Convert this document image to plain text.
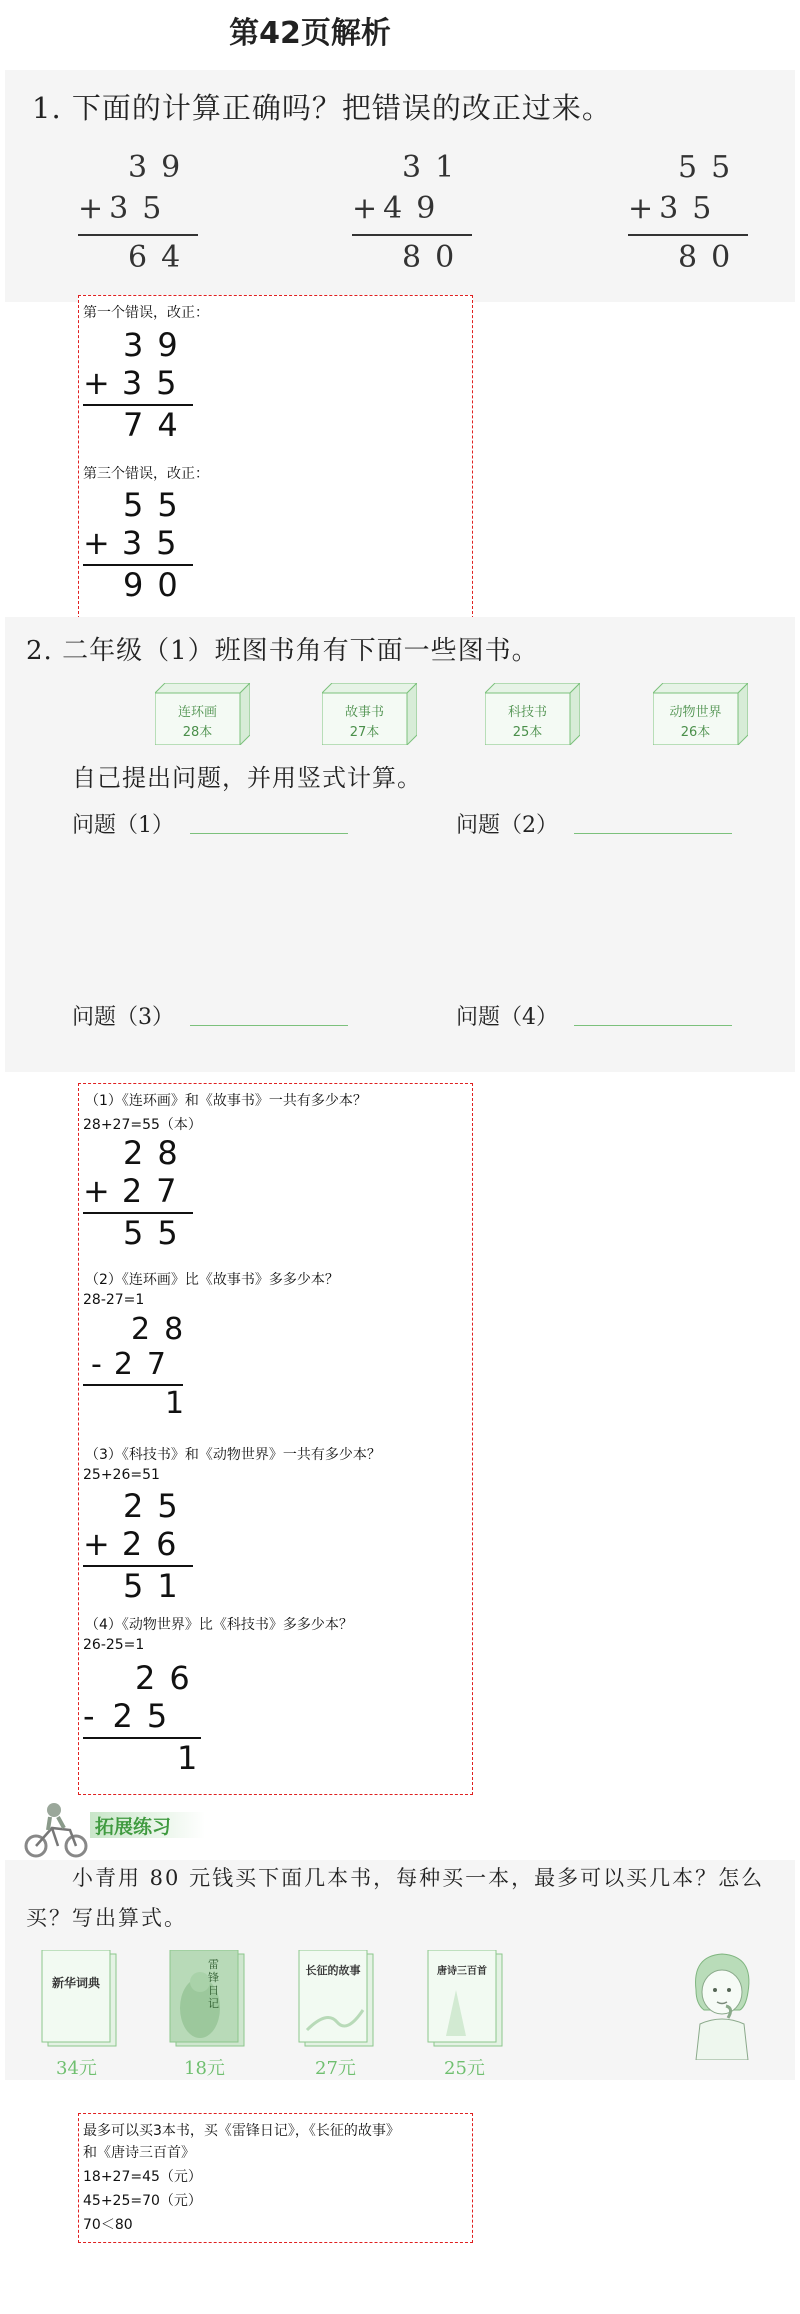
第42页解析
1. 下面的计算正确吗？把错误的改正过来。
39
+35
64
31
+49
80
55
+35
80
第一个错误，改正：
39
+35
74
第三个错误，改正：
55
+35
90
2. 二年级（1）班图书角有下面一些图书。
连环画
28本
故事书
27本
科技书
25本
动物世界
26本
自己提出问题，并用竖式计算。
问题（1）	问题（2）
问题（3）	问题（4）
（1）《连环画》和《故事书》一共有多少本？
28+27=55（本）
28
+27
55
（2）《连环画》比《故事书》多多少本？
28-27=1
28
-27
1
（3）《科技书》和《动物世界》一共有多少本？
25+26=51
25
+26
51
（4）《动物世界》比《科技书》多多少本？
26-25=1
26
-25
1
拓展练习
小青用 80 元钱买下面几本书，每种买一本，最多可以买几本？怎么
买？写出算式。
新华词典
34元
雷锋日记
18元
长征的故事
27元
唐诗三百首
25元
最多可以买3本书，买《雷锋日记》，《长征的故事》
和《唐诗三百首》
18+27=45（元）
45+25=70（元）
70＜80
